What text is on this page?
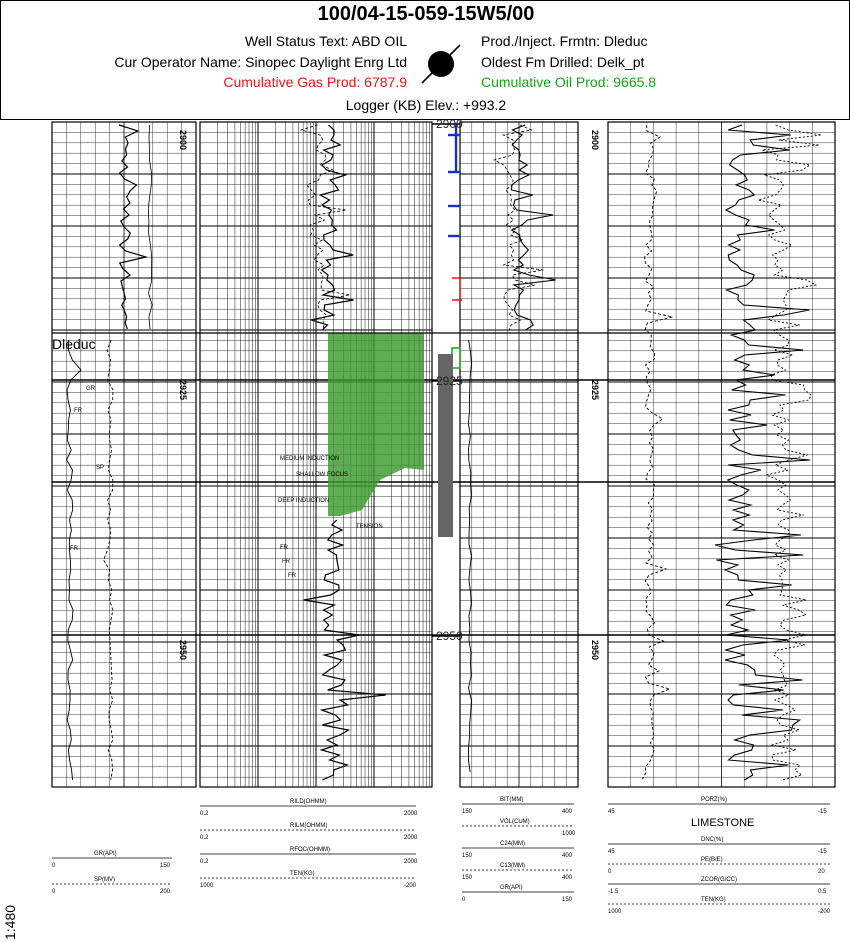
100/04-15-059-15W5/00
Well Status Text: ABD OIL
Cur Operator Name: Sinopec Daylight Enrg Ltd
Cumulative Gas Prod: 6787.9
Prod./Inject. Frmtn: Dleduc
Oldest Fm Drilled: Delk_pt
Cumulative Oil Prod: 9665.8
Logger (KB) Elev.: +993.2
2900
2925
2950
2900
2925
2950
MEDIUM INDUCTION
SHALLOW FOCUS
DEEP INDUCTION
TENSION
FR
FR
FR
GR
FR
SP
FR
Dleduc
2900
2925
2950
GR(API)
0	150
SP(MV)
0	200
RILD(OHMM)
0.2	2000
RILM(OHMM)
0.2	2000
RFOC(OHMM)
0.2	2000
TEN(KG)
1000	-200
BIT(MM)
150	400
VOL(CUM)
1000
C24(MM)
150	400
C13(MM)
150	400
GR(API)
0	150
PORZ(%)
45	-15
LIMESTONE
DNC(%)
45	-15
PE(B/E)
0	20
ZCOR(G/CC)
-1.5	0.5
TEN(KG)
1000	-200
1:480
